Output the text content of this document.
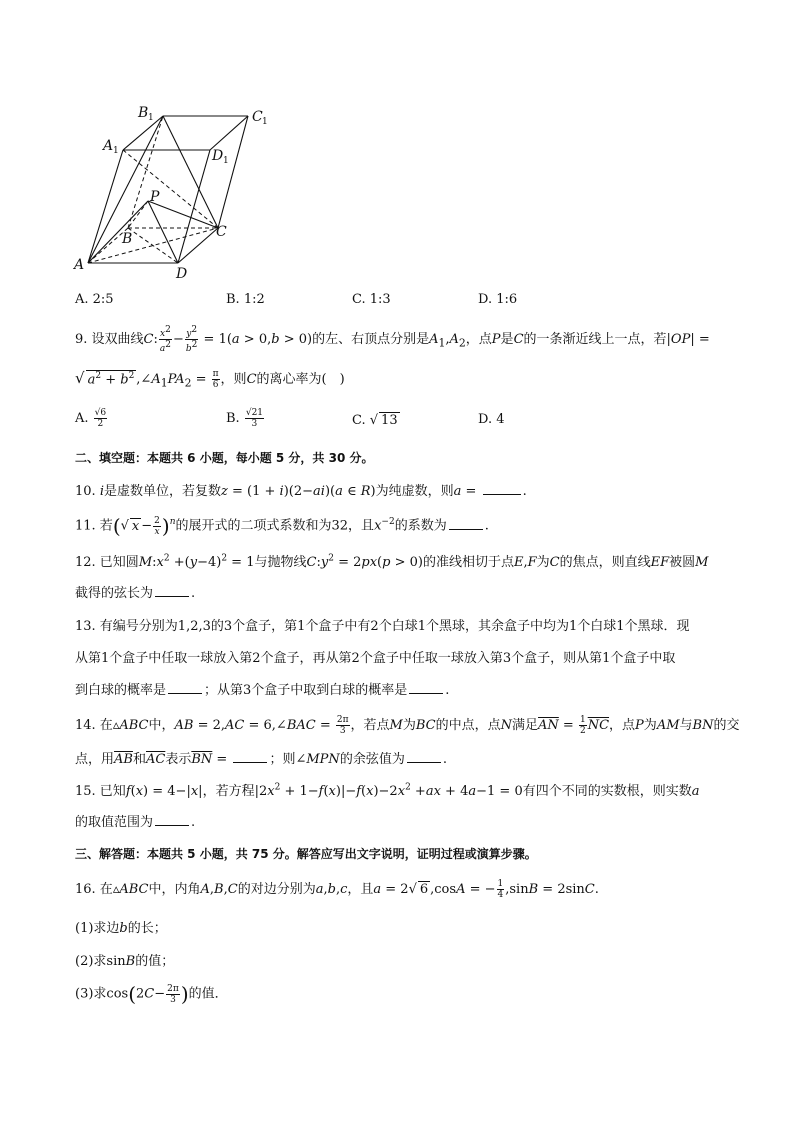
B 1	C 1
A 1	D 1
P
B	C
A
D
A. 2:5	B. 1:2	C. 1:3	D. 1:6
9. 设双曲线C: $\frac{x^2}{a^2} - \frac{y^2}{b^2} = 1(a > 0,b > 0)$的左、右顶点分别是$A_1,A_2$，点P是C的一条渐近线上一点，若|OP| =
√ $a^2 + b^2$ $,\angle A_1PA_2 = \frac{\pi}{6}$ ，则C的离心率为(　)
A. $\frac{√6}{2}$	B. $\frac{√21}{3}$	C. √ 13	D. 4
二、填空题：本题共 6 小题，每小题 5 分，共 30 分。
10. i是虚数单位，若复数z = (1 + i)(2−ai)(a ∈ R)为纯虚数，则a =	.
11. 若(√ $x - \frac{2}{x} )^n$的展开式的二项式系数和为32，且$x^{-2}$的系数为	.
12. 已知圆$M:x^2 +(y-4)^2 = 1$与抛物线$C:y^2 = 2px(p > 0)$的准线相切于点E,F为C的焦点，则直线EF被圆M
截得的弦长为	.
13. 有编号分别为1,2,3的3个盒子，第1个盒子中有2个白球1个黑球，其余盒子中均为1个白球1个黑球．现
从第1个盒子中任取一球放入第2个盒子，再从第2个盒子中任取一球放入第3个盒子，则从第1个盒子中取
到白球的概率是	；从第3个盒子中取到白球的概率是	.
14. 在▵ABC中，AB = 2,AC = 6,∠BAC = $\frac{2\pi}{3}$ ，若点M为BC的中点，点N满足$\overline{AN} = \frac{1}{2} \overline{NC}$，点P为AM与BN的交
点，用$\overline{AB}$和$\overline{AC}$表示$\overline{BN}$ =	；则∠MPN的余弦值为	.
15. 已知f(x) = 4−|x|，若方程$|2x^2 + 1-f(x)|-f(x)-2x^2 +ax + 4a-1 = 0$有四个不同的实数根，则实数a
的取值范围为	.
三、解答题：本题共 5 小题，共 75 分。解答应写出文字说明，证明过程或演算步骤。
16. 在▵ABC中，内角A,B,C的对边分别为a,b,c，且a = 2√ 6 ,cosA = − $\frac{1}{4} ,\sin B = 2\sin C$.
(1)求边b的长；
(2)求sinB的值；
(3)求$\cos(2C- \frac{2\pi}{3}$ )的值．
